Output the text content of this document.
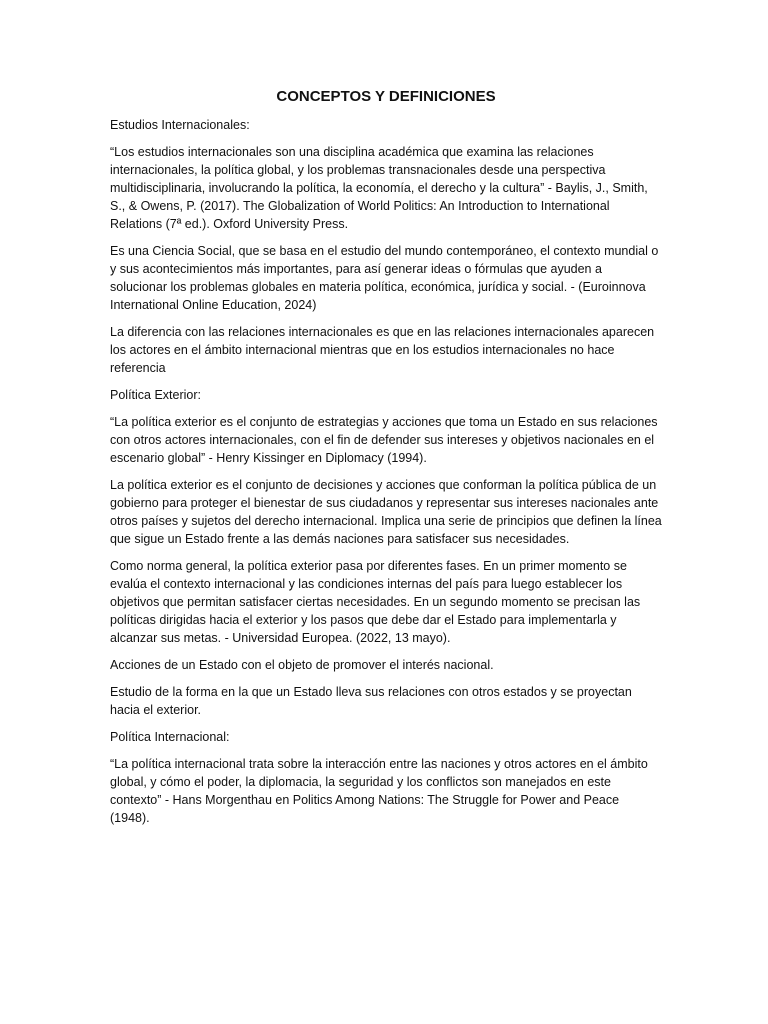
CONCEPTOS Y DEFINICIONES

Estudios Internacionales:

“Los estudios internacionales son una disciplina académica que examina las relaciones internacionales, la política global, y los problemas transnacionales desde una perspectiva multidisciplinaria, involucrando la política, la economía, el derecho y la cultura” - Baylis, J., Smith, S., & Owens, P. (2017). The Globalization of World Politics: An Introduction to International Relations (7ª ed.). Oxford University Press.

Es una Ciencia Social, que se basa en el estudio del mundo contemporáneo, el contexto mundial o y sus acontecimientos más importantes, para así generar ideas o fórmulas que ayuden a solucionar los problemas globales en materia política, económica, jurídica y social. - (Euroinnova International Online Education, 2024)

La diferencia con las relaciones internacionales es que en las relaciones internacionales aparecen los actores en el ámbito internacional mientras que en los estudios internacionales no hace referencia

Política Exterior:

“La política exterior es el conjunto de estrategias y acciones que toma un Estado en sus relaciones con otros actores internacionales, con el fin de defender sus intereses y objetivos nacionales en el escenario global” - Henry Kissinger en Diplomacy (1994).

La política exterior es el conjunto de decisiones y acciones que conforman la política pública de un gobierno para proteger el bienestar de sus ciudadanos y representar sus intereses nacionales ante otros países y sujetos del derecho internacional. Implica una serie de principios que definen la línea que sigue un Estado frente a las demás naciones para satisfacer sus necesidades.

Como norma general, la política exterior pasa por diferentes fases. En un primer momento se evalúa el contexto internacional y las condiciones internas del país para luego establecer los objetivos que permitan satisfacer ciertas necesidades. En un segundo momento se precisan las políticas dirigidas hacia el exterior y los pasos que debe dar el Estado para implementarla y alcanzar sus metas. - Universidad Europea. (2022, 13 mayo).

Acciones de un Estado con el objeto de promover el interés nacional.

Estudio de la forma en la que un Estado lleva sus relaciones con otros estados y se proyectan hacia el exterior.

Política Internacional:

“La política internacional trata sobre la interacción entre las naciones y otros actores en el ámbito global, y cómo el poder, la diplomacia, la seguridad y los conflictos son manejados en este contexto” - Hans Morgenthau en Politics Among Nations: The Struggle for Power and Peace (1948).
